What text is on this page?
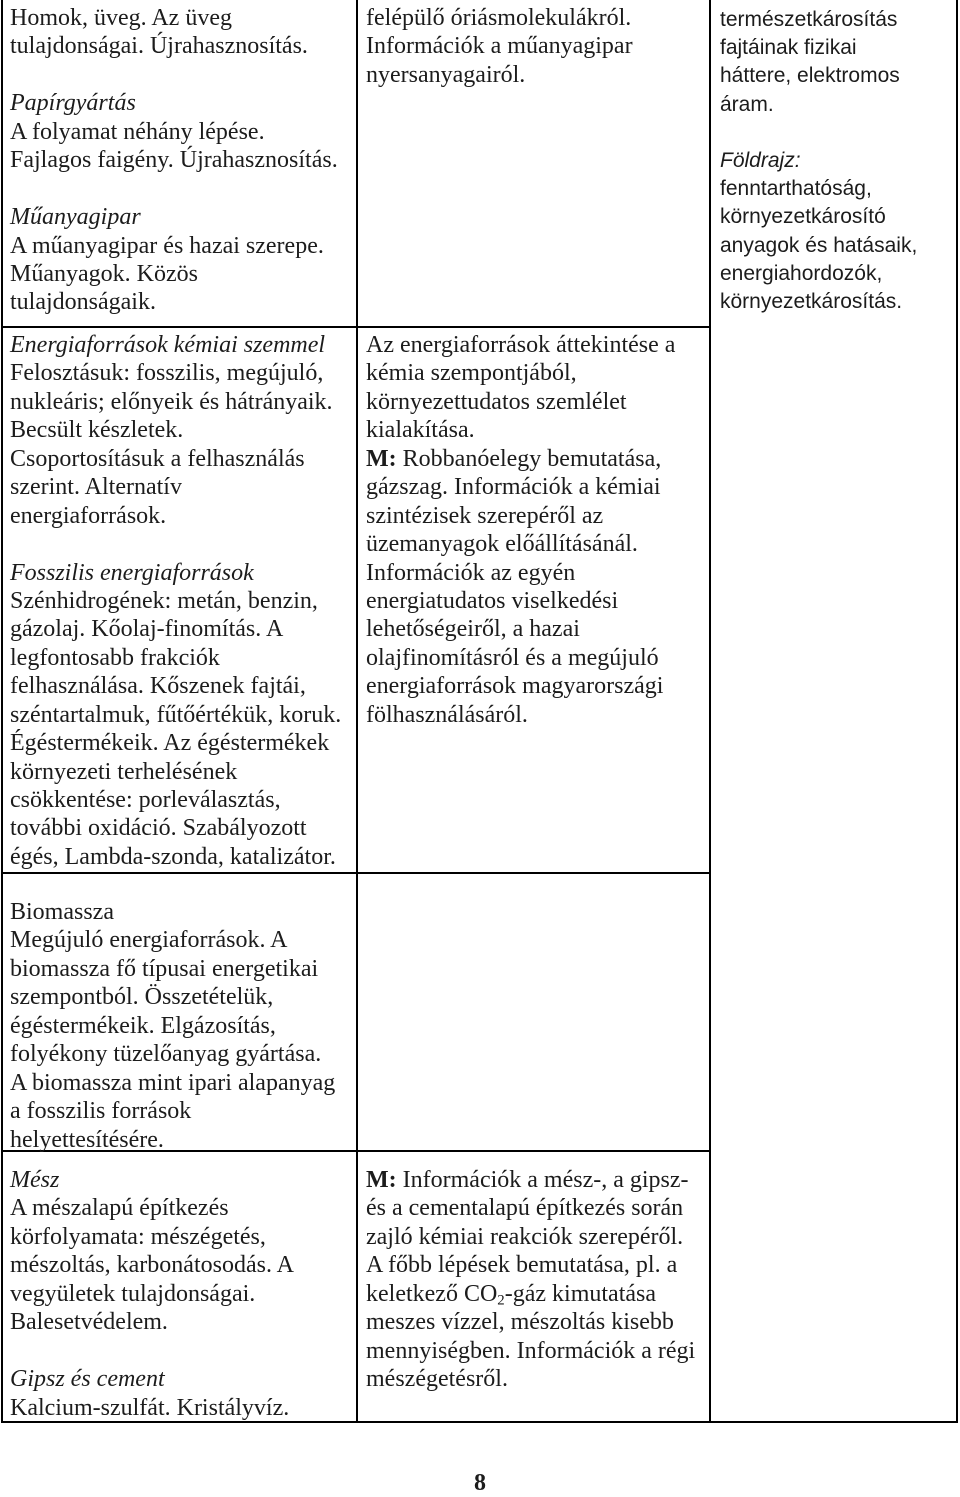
Homok, üveg. Az üveg
tulajdonságai. Újrahasznosítás.
Papírgyártás
A folyamat néhány lépése.
Fajlagos faigény. Újrahasznosítás.
Műanyagipar
A műanyagipar és hazai szerepe.
Műanyagok. Közös
tulajdonságaik.
felépülő óriásmolekulákról.
Információk a műanyagipar
nyersanyagairól.
Energiaforrások kémiai szemmel
Felosztásuk: fosszilis, megújuló,
nukleáris; előnyeik és hátrányaik.
Becsült készletek.
Csoportosításuk a felhasználás
szerint. Alternatív
energiaforrások.
Fosszilis energiaforrások
Szénhidrogének: metán, benzin,
gázolaj. Kőolaj-finomítás. A
legfontosabb frakciók
felhasználása. Kőszenek fajtái,
széntartalmuk, fűtőértékük, koruk.
Égéstermékeik. Az égéstermékek
környezeti terhelésének
csökkentése: porleválasztás,
további oxidáció. Szabályozott
égés, Lambda-szonda, katalizátor.
Az energiaforrások áttekintése a
kémia szempontjából,
környezettudatos szemlélet
kialakítása.
M: Robbanóelegy bemutatása,
gázszag. Információk a kémiai
szintézisek szerepéről az
üzemanyagok előállításánál.
Információk az egyén
energiatudatos viselkedési
lehetőségeiről, a hazai
olajfinomításról és a megújuló
energiaforrások magyarországi
fölhasználásáról.
Biomassza
Megújuló energiaforrások. A
biomassza fő típusai energetikai
szempontból. Összetételük,
égéstermékeik. Elgázosítás,
folyékony tüzelőanyag gyártása.
A biomassza mint ipari alapanyag
a fosszilis források
helyettesítésére.
Mész
A mészalapú építkezés
körfolyamata: mészégetés,
mészoltás, karbonátosodás. A
vegyületek tulajdonságai.
Balesetvédelem.
Gipsz és cement
Kalcium-szulfát. Kristályvíz.
M: Információk a mész-, a gipsz-
és a cementalapú építkezés során
zajló kémiai reakciók szerepéről.
A főbb lépések bemutatása, pl. a
keletkező $CO_2$-gáz kimutatása
meszes vízzel, mészoltás kisebb
mennyiségben. Információk a régi
mészégetésről.
természetkárosítás
fajtáinak fizikai
háttere, elektromos
áram.
Földrajz:
fenntarthatóság,
környezetkárosító
anyagok és hatásaik,
energiahordozók,
környezetkárosítás.
8
